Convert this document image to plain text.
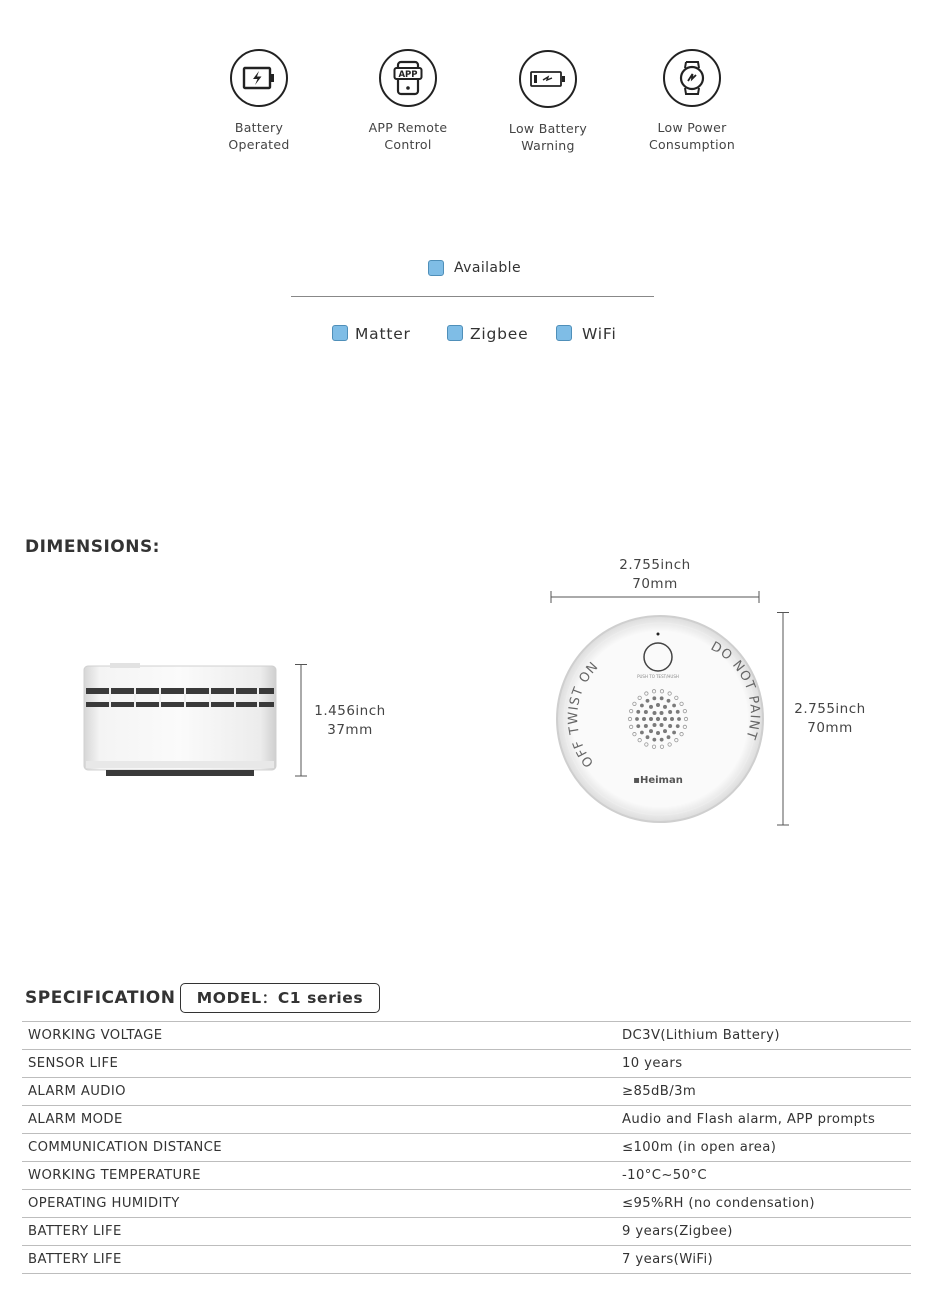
Battery
Operated
APP
APP Remote
Control
Low Battery
Warning
Low Power
Consumption
Available
Matter	Zigbee	WiFi
DIMENSIONS:
1.456inch
37mm
2.755inch
70mm
PUSH TO TEST/HUSH
OFF TWIST ON
DO NOT PAINT
▪Heiman
2.755inch
70mm
SPECIFICATION	MODEL：C1 series
WORKING VOLTAGE	DC3V(Lithium Battery)
SENSOR LIFE	10 years
ALARM AUDIO	≥85dB/3m
ALARM MODE	Audio and Flash alarm, APP prompts
COMMUNICATION DISTANCE	≤100m (in open area)
WORKING TEMPERATURE	-10°C~50°C
OPERATING HUMIDITY	≤95%RH (no condensation)
BATTERY LIFE	9 years(Zigbee)
BATTERY LIFE	7 years(WiFi)
